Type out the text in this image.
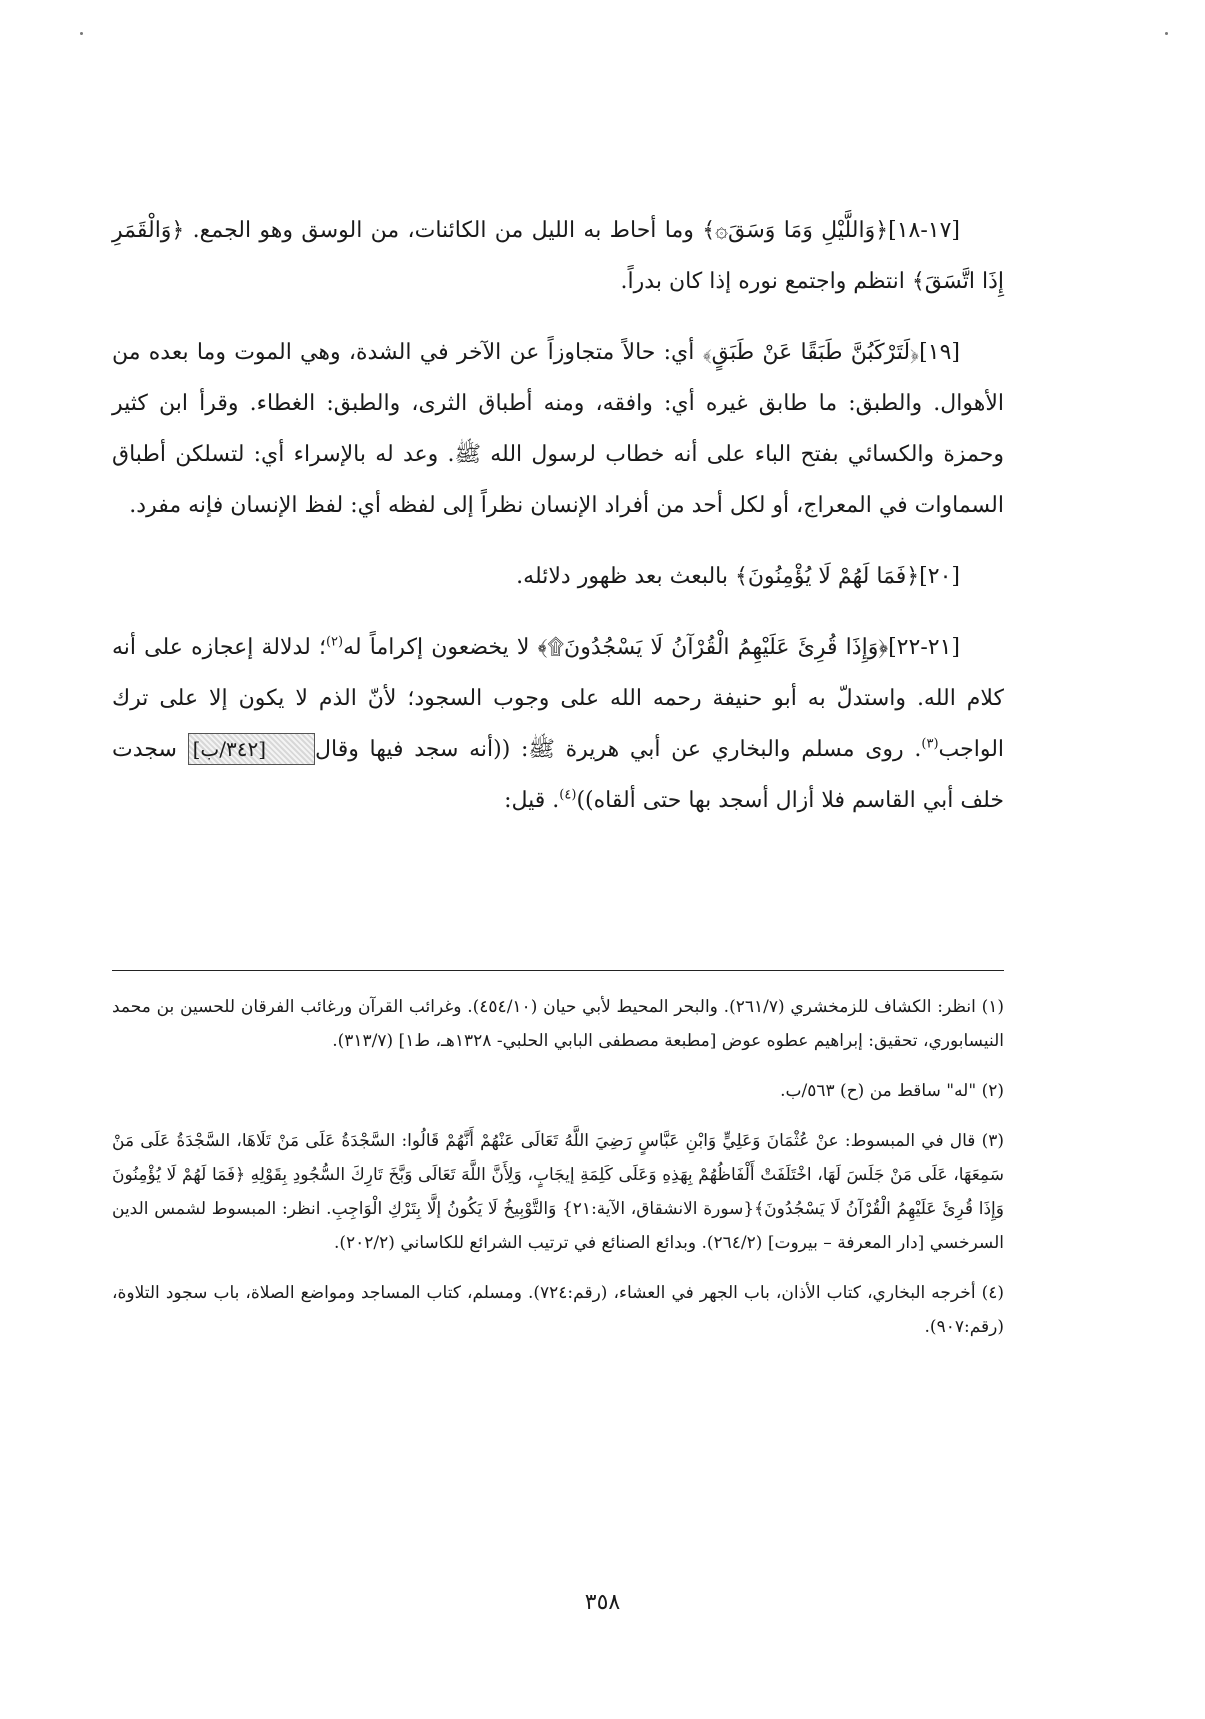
[١٧-١٨]﴿وَاللَّيْلِ وَمَا وَسَقَ۞﴾ وما أحاط به الليل من الكائنات، من الوسق وهو الجمع. ﴿وَالْقَمَرِ إِذَا اتَّسَقَ﴾ انتظم واجتمع نوره إذا كان بدراً.

[١٩]﴿لَتَرْكَبُنَّ طَبَقًا عَنْ طَبَقٍ﴾ أي: حالاً متجاوزاً عن الآخر في الشدة، وهي الموت وما بعده من الأهوال. والطبق: ما طابق غيره أي: وافقه، ومنه أطباق الثرى، والطبق: الغطاء. وقرأ ابن كثير وحمزة والكسائي بفتح الباء على أنه خطاب لرسول الله ﷺ. وعد له بالإسراء أي: لتسلكن أطباق السماوات في المعراج، أو لكل أحد من أفراد الإنسان نظراً إلى لفظه أي: لفظ الإنسان فإنه مفرد.

[٢٠]﴿فَمَا لَهُمْ لَا يُؤْمِنُونَ﴾ بالبعث بعد ظهور دلائله.

[٢١-٢٢]﴿وَإِذَا قُرِئَ عَلَيْهِمُ الْقُرْآنُ لَا يَسْجُدُونَ۩﴾ لا يخضعون إكراماً له$^{(٢)}$؛ لدلالة إعجازه على أنه كلام الله. واستدلّ به أبو حنيفة رحمه الله على وجوب السجود؛ لأنّ الذم لا يكون إلا على ترك الواجب$^{(٣)}$. روى مسلم والبخاري عن أبي هريرة ﷺ: ((أنه سجد فيها وقال[٣٤٢/ب] سجدت خلف أبي القاسم فلا أزال أسجد بها حتى ألقاه))$^{(٤)}$. قيل:

(١) انظر: الكشاف للزمخشري (٢٦١/٧). والبحر المحيط لأبي حيان (٤٥٤/١٠). وغرائب القرآن ورغائب الفرقان للحسين بن محمد النيسابوري، تحقيق: إبراهيم عطوه عوض [مطبعة مصطفى البابي الحلبي- ١٣٢٨هـ، ط١] (٣١٣/٧).

(٢) "له" ساقط من (ح) ٥٦٣/ب.

(٣) قال في المبسوط: عنْ عُثْمَانَ وَعَلِيٍّ وَابْنِ عَبَّاسٍ رَضِيَ اللَّهُ تَعَالَى عَنْهُمْ أَنَّهُمْ قَالُوا: السَّجْدَةُ عَلَى مَنْ تَلَاهَا، السَّجْدَةُ عَلَى مَنْ سَمِعَهَا، عَلَى مَنْ جَلَسَ لَهَا، اخْتَلَفَتْ أَلْفَاظُهُمْ بِهَذِهِ وَعَلَى كَلِمَةِ إيجَابٍ، وَلِأَنَّ اللَّهَ تَعَالَى وَبَّخَ تَارِكَ السُّجُودِ بِقَوْلِهِ ﴿فَمَا لَهُمْ لَا يُؤْمِنُونَ وَإِذَا قُرِئَ عَلَيْهِمُ الْقُرْآنُ لَا يَسْجُدُونَ﴾{سورة الانشقاق، الآية:٢١} وَالتَّوْبِيخُ لَا يَكُونُ إلَّا بِتَرْكِ الْوَاجِبِ. انظر: المبسوط لشمس الدين السرخسي [دار المعرفة – بيروت] (٢٦٤/٢). وبدائع الصنائع في ترتيب الشرائع للكاساني (٢٠٢/٢).

(٤) أخرجه البخاري، كتاب الأذان، باب الجهر في العشاء، (رقم:٧٢٤). ومسلم، كتاب المساجد ومواضع الصلاة، باب سجود التلاوة، (رقم:٩٠٧).

٣٥٨
